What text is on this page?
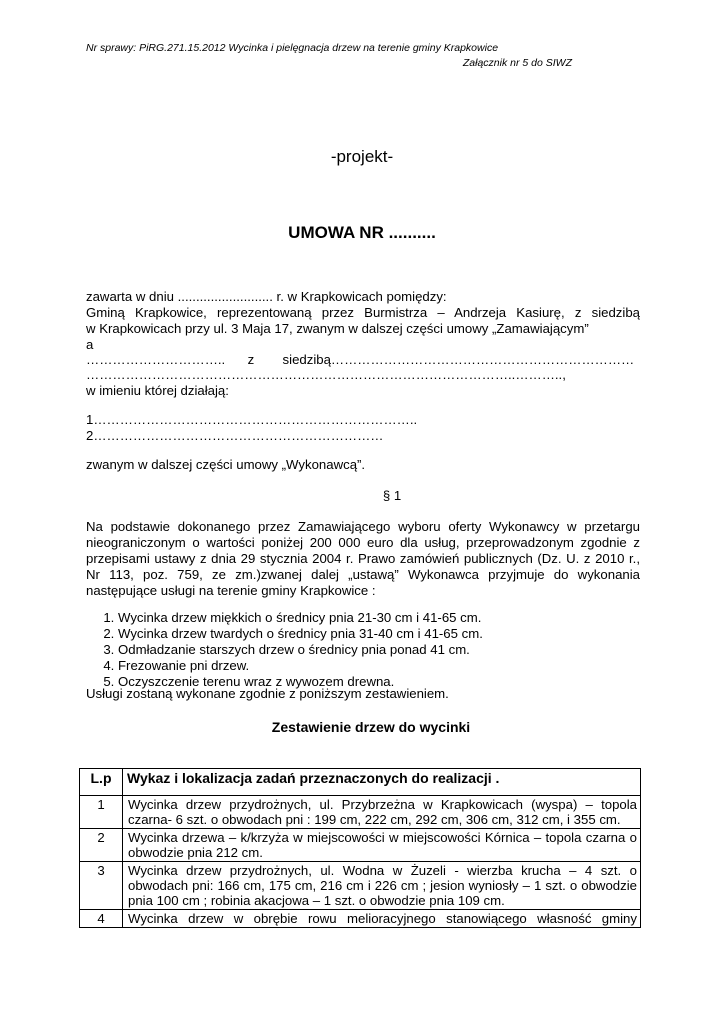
Nr sprawy: PiRG.271.15.2012 Wycinka i pielęgnacja drzew na terenie gminy Krapkowice
Załącznik nr 5 do SIWZ
-projekt-
UMOWA NR ..........
zawarta w dniu .......................... r. w Krapkowicach pomiędzy:
Gminą Krapkowice, reprezentowaną przez Burmistrza – Andrzeja Kasiurę, z siedzibą
w Krapkowicach przy ul. 3 Maja 17, zwanym w dalszej części umowy „Zamawiającym”
a
………………………….. z siedzibą……………………………………………………………
……………………………………………………………………………………..………..,
w imieniu której działają:
1………………………………………………………………..
2…………………………………………………………
zwanym w dalszej części umowy „Wykonawcą”.
§ 1
Na podstawie dokonanego przez Zamawiającego wyboru oferty Wykonawcy w przetargu nieograniczonym o wartości poniżej 200 000 euro dla usług, przeprowadzonym zgodnie z przepisami ustawy z dnia 29 stycznia 2004 r. Prawo zamówień publicznych (Dz. U. z 2010 r., Nr 113, poz. 759, ze zm.)zwanej dalej „ustawą” Wykonawca przyjmuje do wykonania następujące usługi na terenie gminy Krapkowice :
1. Wycinka drzew miękkich o średnicy pnia 21-30 cm i 41-65 cm.
2. Wycinka drzew twardych o średnicy pnia 31-40 cm i 41-65 cm.
3. Odmładzanie starszych drzew o średnicy pnia ponad 41 cm.
4. Frezowanie pni drzew.
5. Oczyszczenie terenu wraz z wywozem drewna.
Usługi zostaną wykonane zgodnie z poniższym zestawieniem.
Zestawienie drzew do wycinki
L.p	Wykaz i lokalizacja zadań przeznaczonych do realizacji .
1	Wycinka drzew przydrożnych, ul. Przybrzeżna w Krapkowicach (wyspa) – topola czarna- 6 szt. o obwodach pni : 199 cm, 222 cm, 292 cm, 306 cm, 312 cm, i 355 cm.
2	Wycinka drzewa – k/krzyża w miejscowości w miejscowości Kórnica – topola czarna o obwodzie pnia 212 cm.
3	Wycinka drzew przydrożnych, ul. Wodna w Żuzeli - wierzba krucha – 4 szt. o obwodach pni: 166 cm, 175 cm, 216 cm i 226 cm ; jesion wyniosły – 1 szt. o obwodzie pnia 100 cm ; robinia akacjowa – 1 szt. o obwodzie pnia 109 cm.
4	Wycinka drzew w obrębie rowu melioracyjnego stanowiącego własność gminy
